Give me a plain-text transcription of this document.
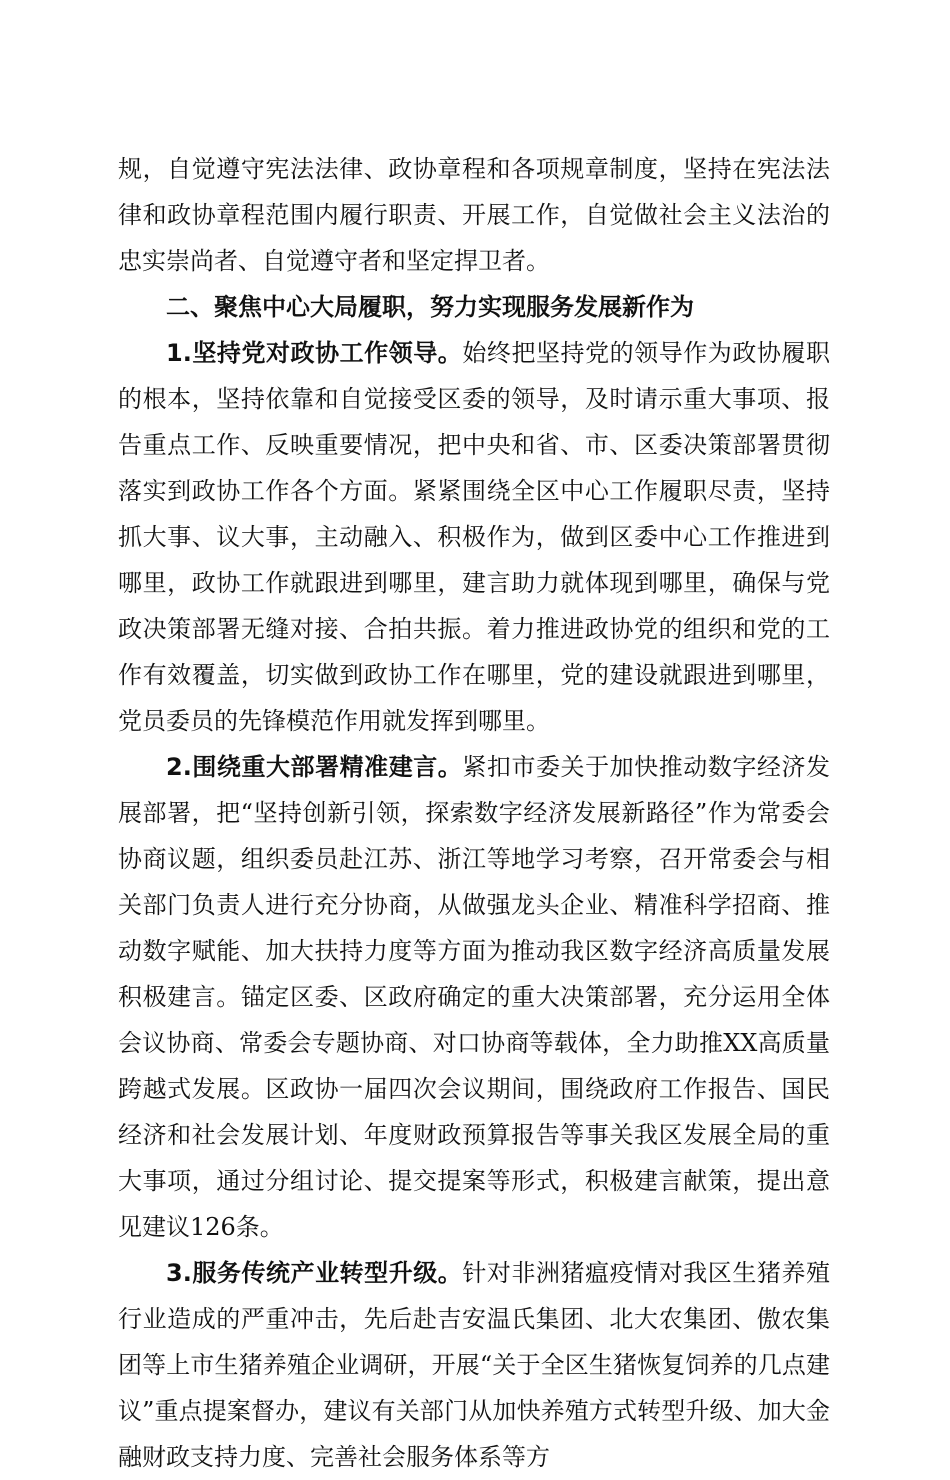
规，自觉遵守宪法法律、政协章程和各项规章制度，坚持在宪法法律和政协章程范围内履行职责、开展工作，自觉做社会主义法治的忠实崇尚者、自觉遵守者和坚定捍卫者。

二、聚焦中心大局履职，努力实现服务发展新作为

1.坚持党对政协工作领导。始终把坚持党的领导作为政协履职的根本，坚持依靠和自觉接受区委的领导，及时请示重大事项、报告重点工作、反映重要情况，把中央和省、市、区委决策部署贯彻落实到政协工作各个方面。紧紧围绕全区中心工作履职尽责，坚持抓大事、议大事，主动融入、积极作为，做到区委中心工作推进到哪里，政协工作就跟进到哪里，建言助力就体现到哪里，确保与党政决策部署无缝对接、合拍共振。着力推进政协党的组织和党的工作有效覆盖，切实做到政协工作在哪里，党的建设就跟进到哪里，党员委员的先锋模范作用就发挥到哪里。

2.围绕重大部署精准建言。紧扣市委关于加快推动数字经济发展部署，把“坚持创新引领，探索数字经济发展新路径”作为常委会协商议题，组织委员赴江苏、浙江等地学习考察，召开常委会与相关部门负责人进行充分协商，从做强龙头企业、精准科学招商、推动数字赋能、加大扶持力度等方面为推动我区数字经济高质量发展积极建言。锚定区委、区政府确定的重大决策部署，充分运用全体会议协商、常委会专题协商、对口协商等载体，全力助推XX高质量跨越式发展。区政协一届四次会议期间，围绕政府工作报告、国民经济和社会发展计划、年度财政预算报告等事关我区发展全局的重大事项，通过分组讨论、提交提案等形式，积极建言献策，提出意见建议126条。

3.服务传统产业转型升级。针对非洲猪瘟疫情对我区生猪养殖行业造成的严重冲击，先后赴吉安温氏集团、北大农集团、傲农集团等上市生猪养殖企业调研，开展“关于全区生猪恢复饲养的几点建议”重点提案督办，建议有关部门从加快养殖方式转型升级、加大金融财政支持力度、完善社会服务体系等方
